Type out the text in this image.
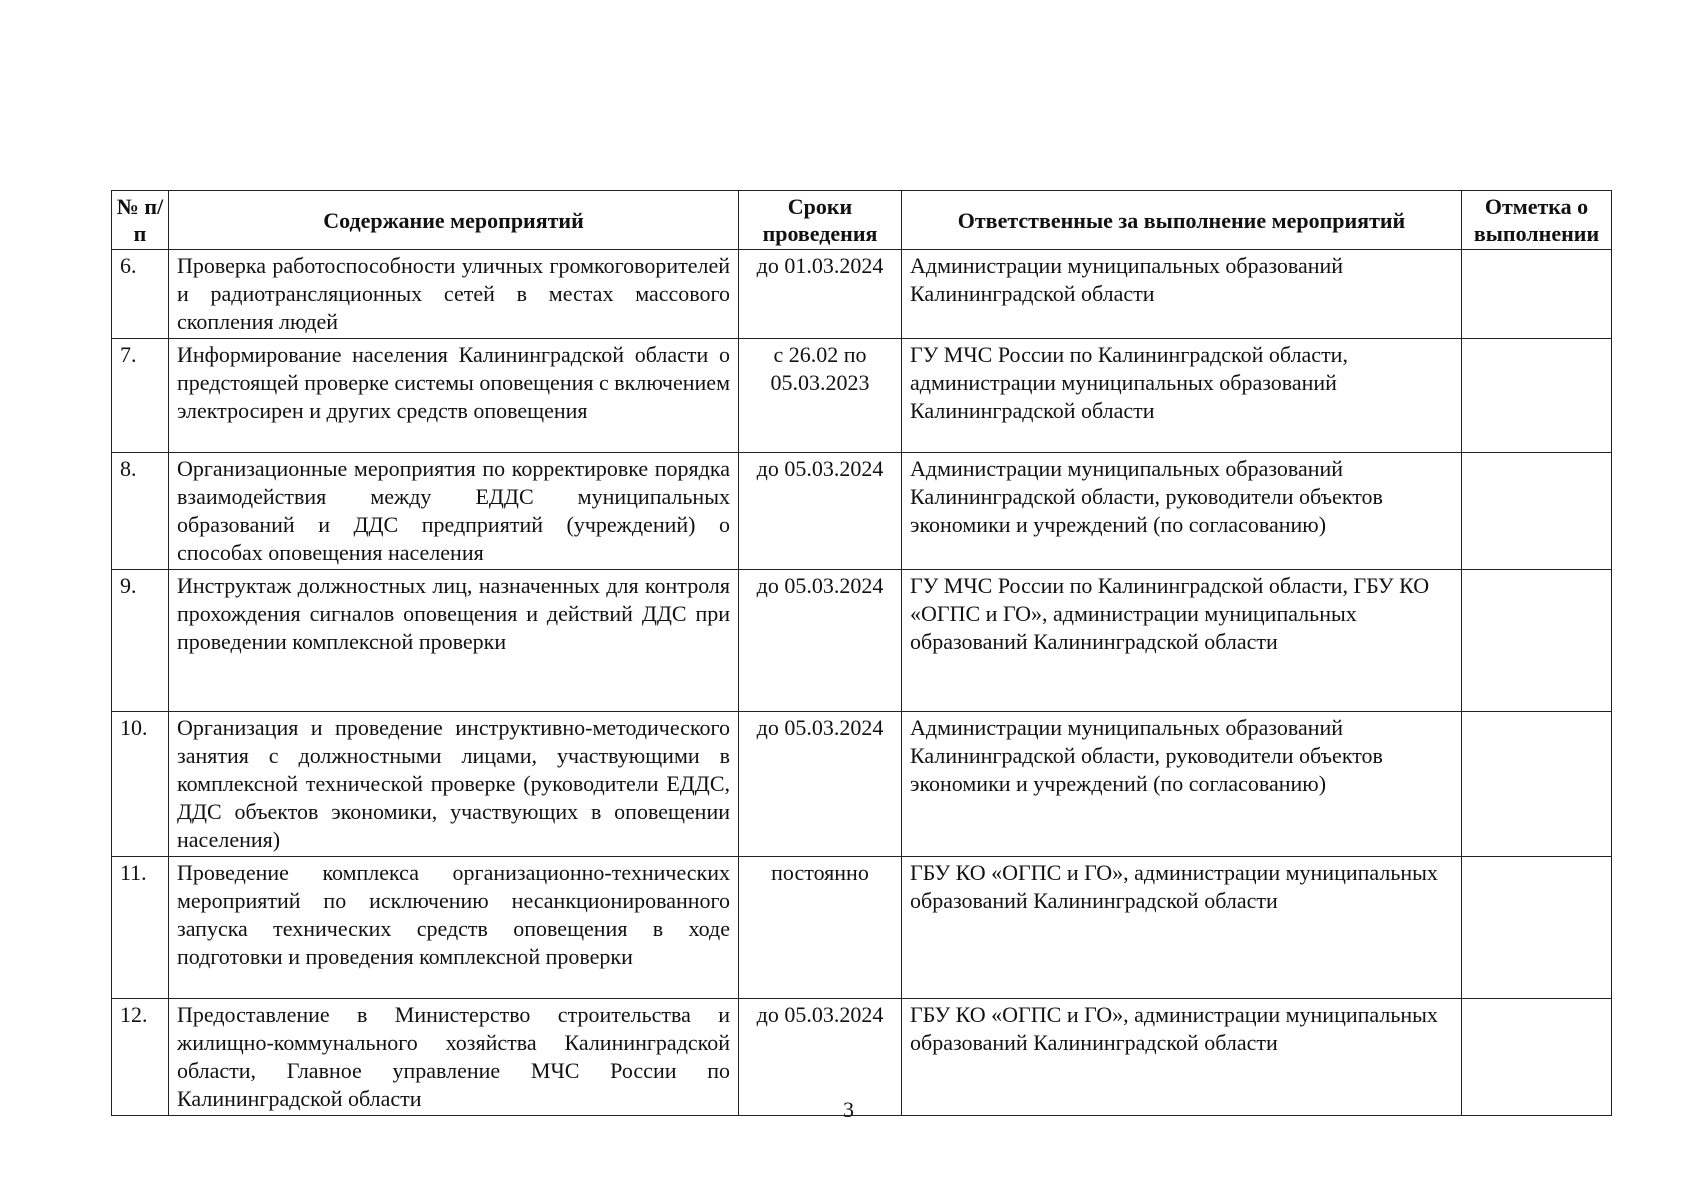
№ п/п	Содержание мероприятий	Сроки проведения	Ответственные за выполнение мероприятий	Отметка о выполнении
6.	Проверка работоспособности уличных громкоговорителей и радиотрансляционных сетей в местах массового скопления людей	до 01.03.2024	Администрации муниципальных образований Калининградской области	
7.	Информирование населения Калининградской области о предстоящей проверке системы оповещения с включением электросирен и других средств оповещения	с 26.02 по 05.03.2023	ГУ МЧС России по Калининградской области, администрации муниципальных образований Калининградской области	
8.	Организационные мероприятия по корректировке порядка взаимодействия между ЕДДС муниципальных образований и ДДС предприятий (учреждений) о способах оповещения населения	до 05.03.2024	Администрации муниципальных образований Калининградской области, руководители объектов экономики и учреждений (по согласованию)	
9.	Инструктаж должностных лиц, назначенных для контроля прохождения сигналов оповещения и действий ДДС при проведении комплексной проверки	до 05.03.2024	ГУ МЧС России по Калининградской области, ГБУ КО «ОГПС и ГО», администрации муниципальных образований Калининградской области	
10.	Организация и проведение инструктивно-методического занятия с должностными лицами, участвующими в комплексной технической проверке (руководители ЕДДС, ДДС объектов экономики, участвующих в оповещении населения)	до 05.03.2024	Администрации муниципальных образований Калининградской области, руководители объектов экономики и учреждений (по согласованию)	
11.	Проведение комплекса организационно-технических мероприятий по исключению несанкционированного запуска технических средств оповещения в ходе подготовки и проведения комплексной проверки	постоянно	ГБУ КО «ОГПС и ГО», администрации муниципальных образований Калининградской области	
12.	Предоставление в Министерство строительства и жилищно-коммунального хозяйства Калининградской области, Главное управление МЧС России по Калининградской области	до 05.03.2024	ГБУ КО «ОГПС и ГО», администрации муниципальных образований Калининградской области	
3
